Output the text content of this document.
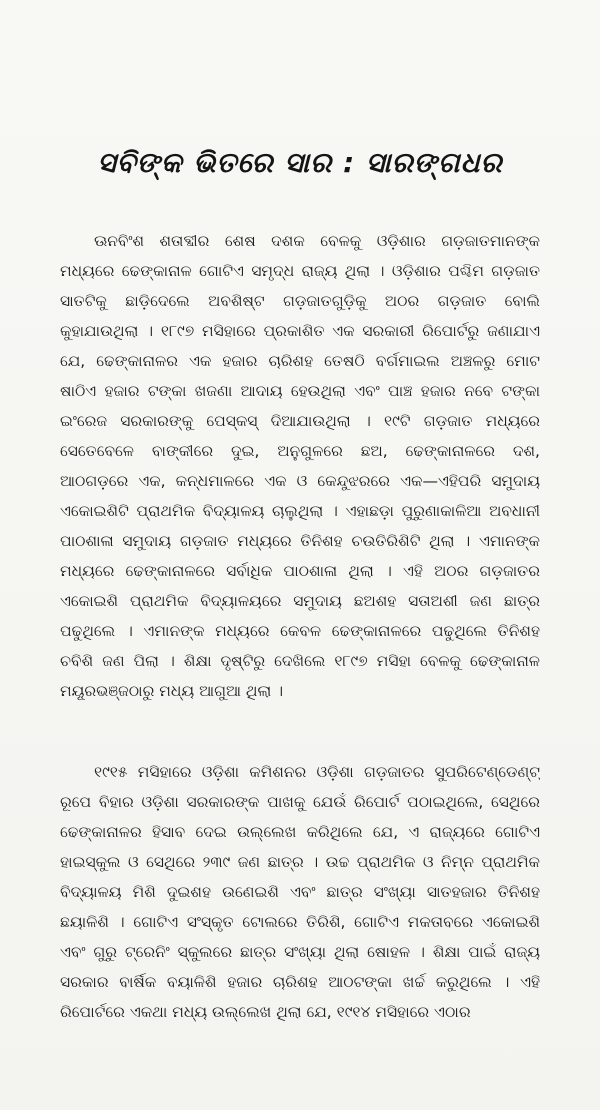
ସବିଙ୍କ ଭିତରେ ସାର : ସାରଙ୍ଗଧର
ଊନବିଂଶ ଶତାବ୍ଦୀର ଶେଷ ଦଶକ ବେଳକୁ ଓଡ଼ିଶାର ଗଡ଼ଜାତମାନଙ୍କ
ମଧ୍ୟରେ ଢେଙ୍କାନାଳ ଗୋଟିଏ ସମୃଦ୍ଧ ରାଜ୍ୟ ଥିଲା । ଓଡ଼ିଶାର ପଶ୍ଚିମ ଗଡ଼ଜାତ
ସାତଟିକୁ ଛାଡ଼ିଦେଲେ ଅବଶିଷ୍ଟ ଗଡ଼ଜାତଗୁଡ଼ିକୁ ଅଠର ଗଡ଼ଜାତ ବୋଲି
କୁହାଯାଉଥିଲା । ୧୮୯୭ ମସିହାରେ ପ୍ରକାଶିତ ଏକ ସରକାରୀ ରିପୋର୍ଟରୁ ଜଣାଯାଏ
ଯେ, ଢେଙ୍କାନାଳର ଏକ ହଜାର ଚାରିଶହ ତେଷଠି ବର୍ଗମାଇଲ ଅଞ୍ଚଳରୁ ମୋଟ
ଷାଠିଏ ହଜାର ଟଙ୍କା ଖଜଣା ଆଦାୟ ହେଉଥିଲା ଏବଂ ପାଞ୍ଚ ହଜାର ନବେ ଟଙ୍କା
ଇଂରେଜ ସରକାରଙ୍କୁ ପେସ୍‌କସ୍ ଦିଆଯାଉଥିଲା । ୧୯ଟି ଗଡ଼ଜାତ ମଧ୍ୟରେ
ସେତେବେଳେ ବାଙ୍କୀରେ ଦୁଇ, ଅନୁଗୁଳରେ ଛଅ, ଢେଙ୍କାନାଳରେ ଦଶ,
ଆଠଗଡ଼ରେ ଏକ, କନ୍ଧମାଳରେ ଏକ ଓ କେନ୍ଦୁଝରରେ ଏକ—ଏହିପରି ସମୁଦାୟ
ଏକୋଇଶିଟି ପ୍ରାଥମିକ ବିଦ୍ୟାଳୟ ଚାଲୁଥିଲା । ଏହାଛଡ଼ା ପୁରୁଣାକାଳିଆ ଅବଧାନୀ
ପାଠଶାଳା ସମୁଦାୟ ଗଡ଼ଜାତ ମଧ୍ୟରେ ତିନିଶହ ଚଉତିରିଶିଟି ଥିଲା । ଏମାନଙ୍କ
ମଧ୍ୟରେ ଢେଙ୍କାନାଳରେ ସର୍ବାଧିକ ପାଠଶାଳା ଥିଲା । ଏହି ଅଠର ଗଡ଼ଜାତର
ଏକୋଇଶି ପ୍ରାଥମିକ ବିଦ୍ୟାଳୟରେ ସମୁଦାୟ ଛଅଶହ ସତାଅଶୀ ଜଣ ଛାତ୍ର
ପଢୁଥିଲେ । ଏମାନଙ୍କ ମଧ୍ୟରେ କେବଳ ଢେଙ୍କାନାଳରେ ପଢୁଥିଲେ ତିନିଶହ
ଚବିଶି ଜଣ ପିଲା । ଶିକ୍ଷା ଦୃଷ୍ଟିରୁ ଦେଖିଲେ ୧୮୯୭ ମସିହା ବେଳକୁ ଢେଙ୍କାନାଳ
ମୟୂରଭଞ୍ଜଠାରୁ ମଧ୍ୟ ଆଗୁଆ ଥିଲା ।
୧୯୧୫ ମସିହାରେ ଓଡ଼ିଶା କମିଶନର ଓଡ଼ିଶା ଗଡ଼ଜାତର ସୁପରିଟେଣ୍ଡେଣ୍ଟ୍
ରୂପେ ବିହାର ଓଡ଼ିଶା ସରକାରଙ୍କ ପାଖକୁ ଯେଉଁ ରିପୋର୍ଟ ପଠାଇଥିଲେ, ସେଥିରେ
ଢେଙ୍କାନାଳର ହିସାବ ଦେଇ ଉଲ୍ଲେଖ କରିଥିଲେ ଯେ, ଏ ରାଜ୍ୟରେ ଗୋଟିଏ
ହାଇସ୍କୁଲ ଓ ସେଥିରେ ୨୩୯ ଜଣ ଛାତ୍ର । ଉଚ୍ଚ ପ୍ରାଥମିକ ଓ ନିମ୍ନ ପ୍ରାଥମିକ
ବିଦ୍ୟାଳୟ ମିଶି ଦୁଇଶହ ଉଣେଇଶି ଏବଂ ଛାତ୍ର ସଂଖ୍ୟା ସାତହଜାର ତିନିଶହ
ଛୟାଳିଶି । ଗୋଟିଏ ସଂସ୍କୃତ ଟୋଲରେ ତିରିଶି, ଗୋଟିଏ ମକତାବରେ ଏକୋଇଶି
ଏବଂ ଗୁରୁ ଟ୍ରେନିଂ ସ୍କୁଲରେ ଛାତ୍ର ସଂଖ୍ୟା ଥିଲା ଷୋହଳ । ଶିକ୍ଷା ପାଇଁ ରାଜ୍ୟ
ସରକାର ବାର୍ଷିକ ବୟାଳିଶି ହଜାର ଚାରିଶହ ଆଠଟଙ୍କା ଖର୍ଚ୍ଚ କରୁଥିଲେ । ଏହି
ରିପୋର୍ଟରେ ଏକଥା ମଧ୍ୟ ଉଲ୍ଲେଖ ଥିଲା ଯେ, ୧୯୧୪ ମସିହାରେ ଏଠାର
